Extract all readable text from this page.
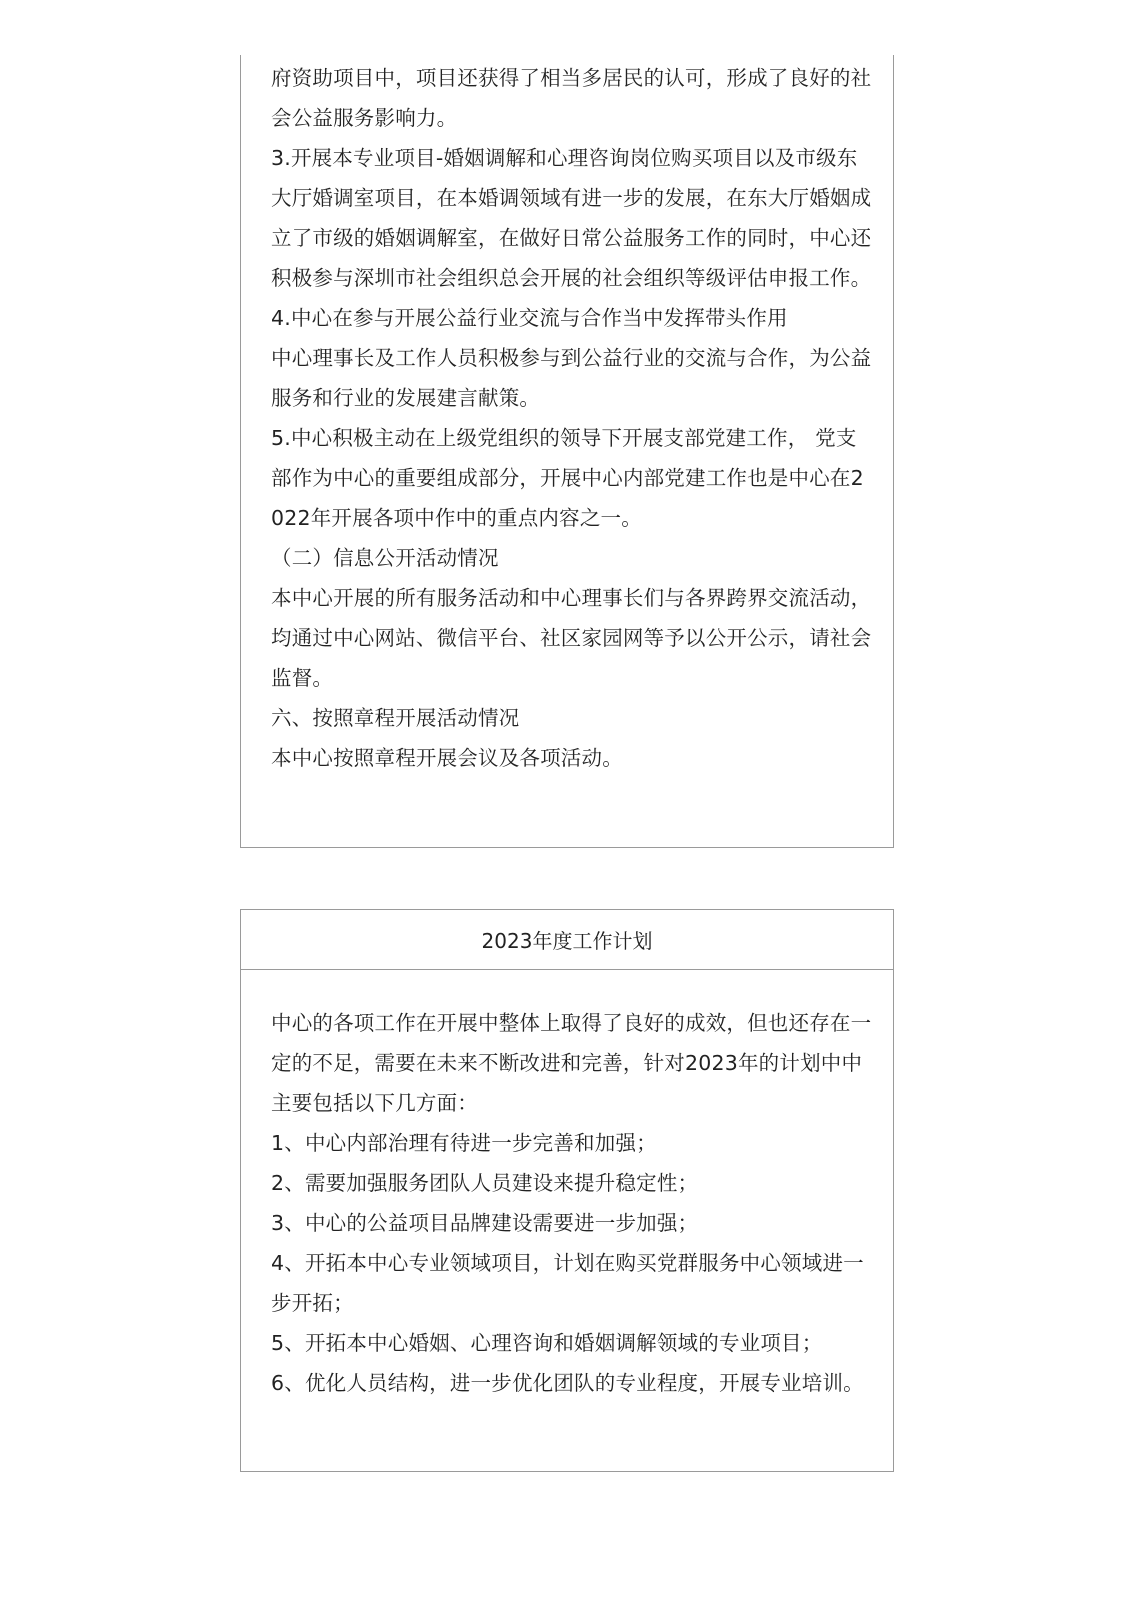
府资助项目中，项目还获得了相当多居民的认可，形成了良好的社会公益服务影响力。

3.开展本专业项目-婚姻调解和心理咨询岗位购买项目以及市级东大厅婚调室项目，在本婚调领域有进一步的发展，在东大厅婚姻成立了市级的婚姻调解室，在做好日常公益服务工作的同时，中心还积极参与深圳市社会组织总会开展的社会组织等级评估申报工作。

4.中心在参与开展公益行业交流与合作当中发挥带头作用

中心理事长及工作人员积极参与到公益行业的交流与合作，为公益服务和行业的发展建言献策。

5.中心积极主动在上级党组织的领导下开展支部党建工作， 党支部作为中心的重要组成部分，开展中心内部党建工作也是中心在2022年开展各项中作中的重点内容之一。

（二）信息公开活动情况

本中心开展的所有服务活动和中心理事长们与各界跨界交流活动，均通过中心网站、微信平台、社区家园网等予以公开公示，请社会监督。

六、按照章程开展活动情况

本中心按照章程开展会议及各项活动。

2023年度工作计划

中心的各项工作在开展中整体上取得了良好的成效，但也还存在一定的不足，需要在未来不断改进和完善，针对2023年的计划中中主要包括以下几方面：

1、中心内部治理有待进一步完善和加强；

2、需要加强服务团队人员建设来提升稳定性；

3、中心的公益项目品牌建设需要进一步加强；

4、开拓本中心专业领域项目，计划在购买党群服务中心领域进一步开拓；

5、开拓本中心婚姻、心理咨询和婚姻调解领域的专业项目；

6、优化人员结构，进一步优化团队的专业程度，开展专业培训。
